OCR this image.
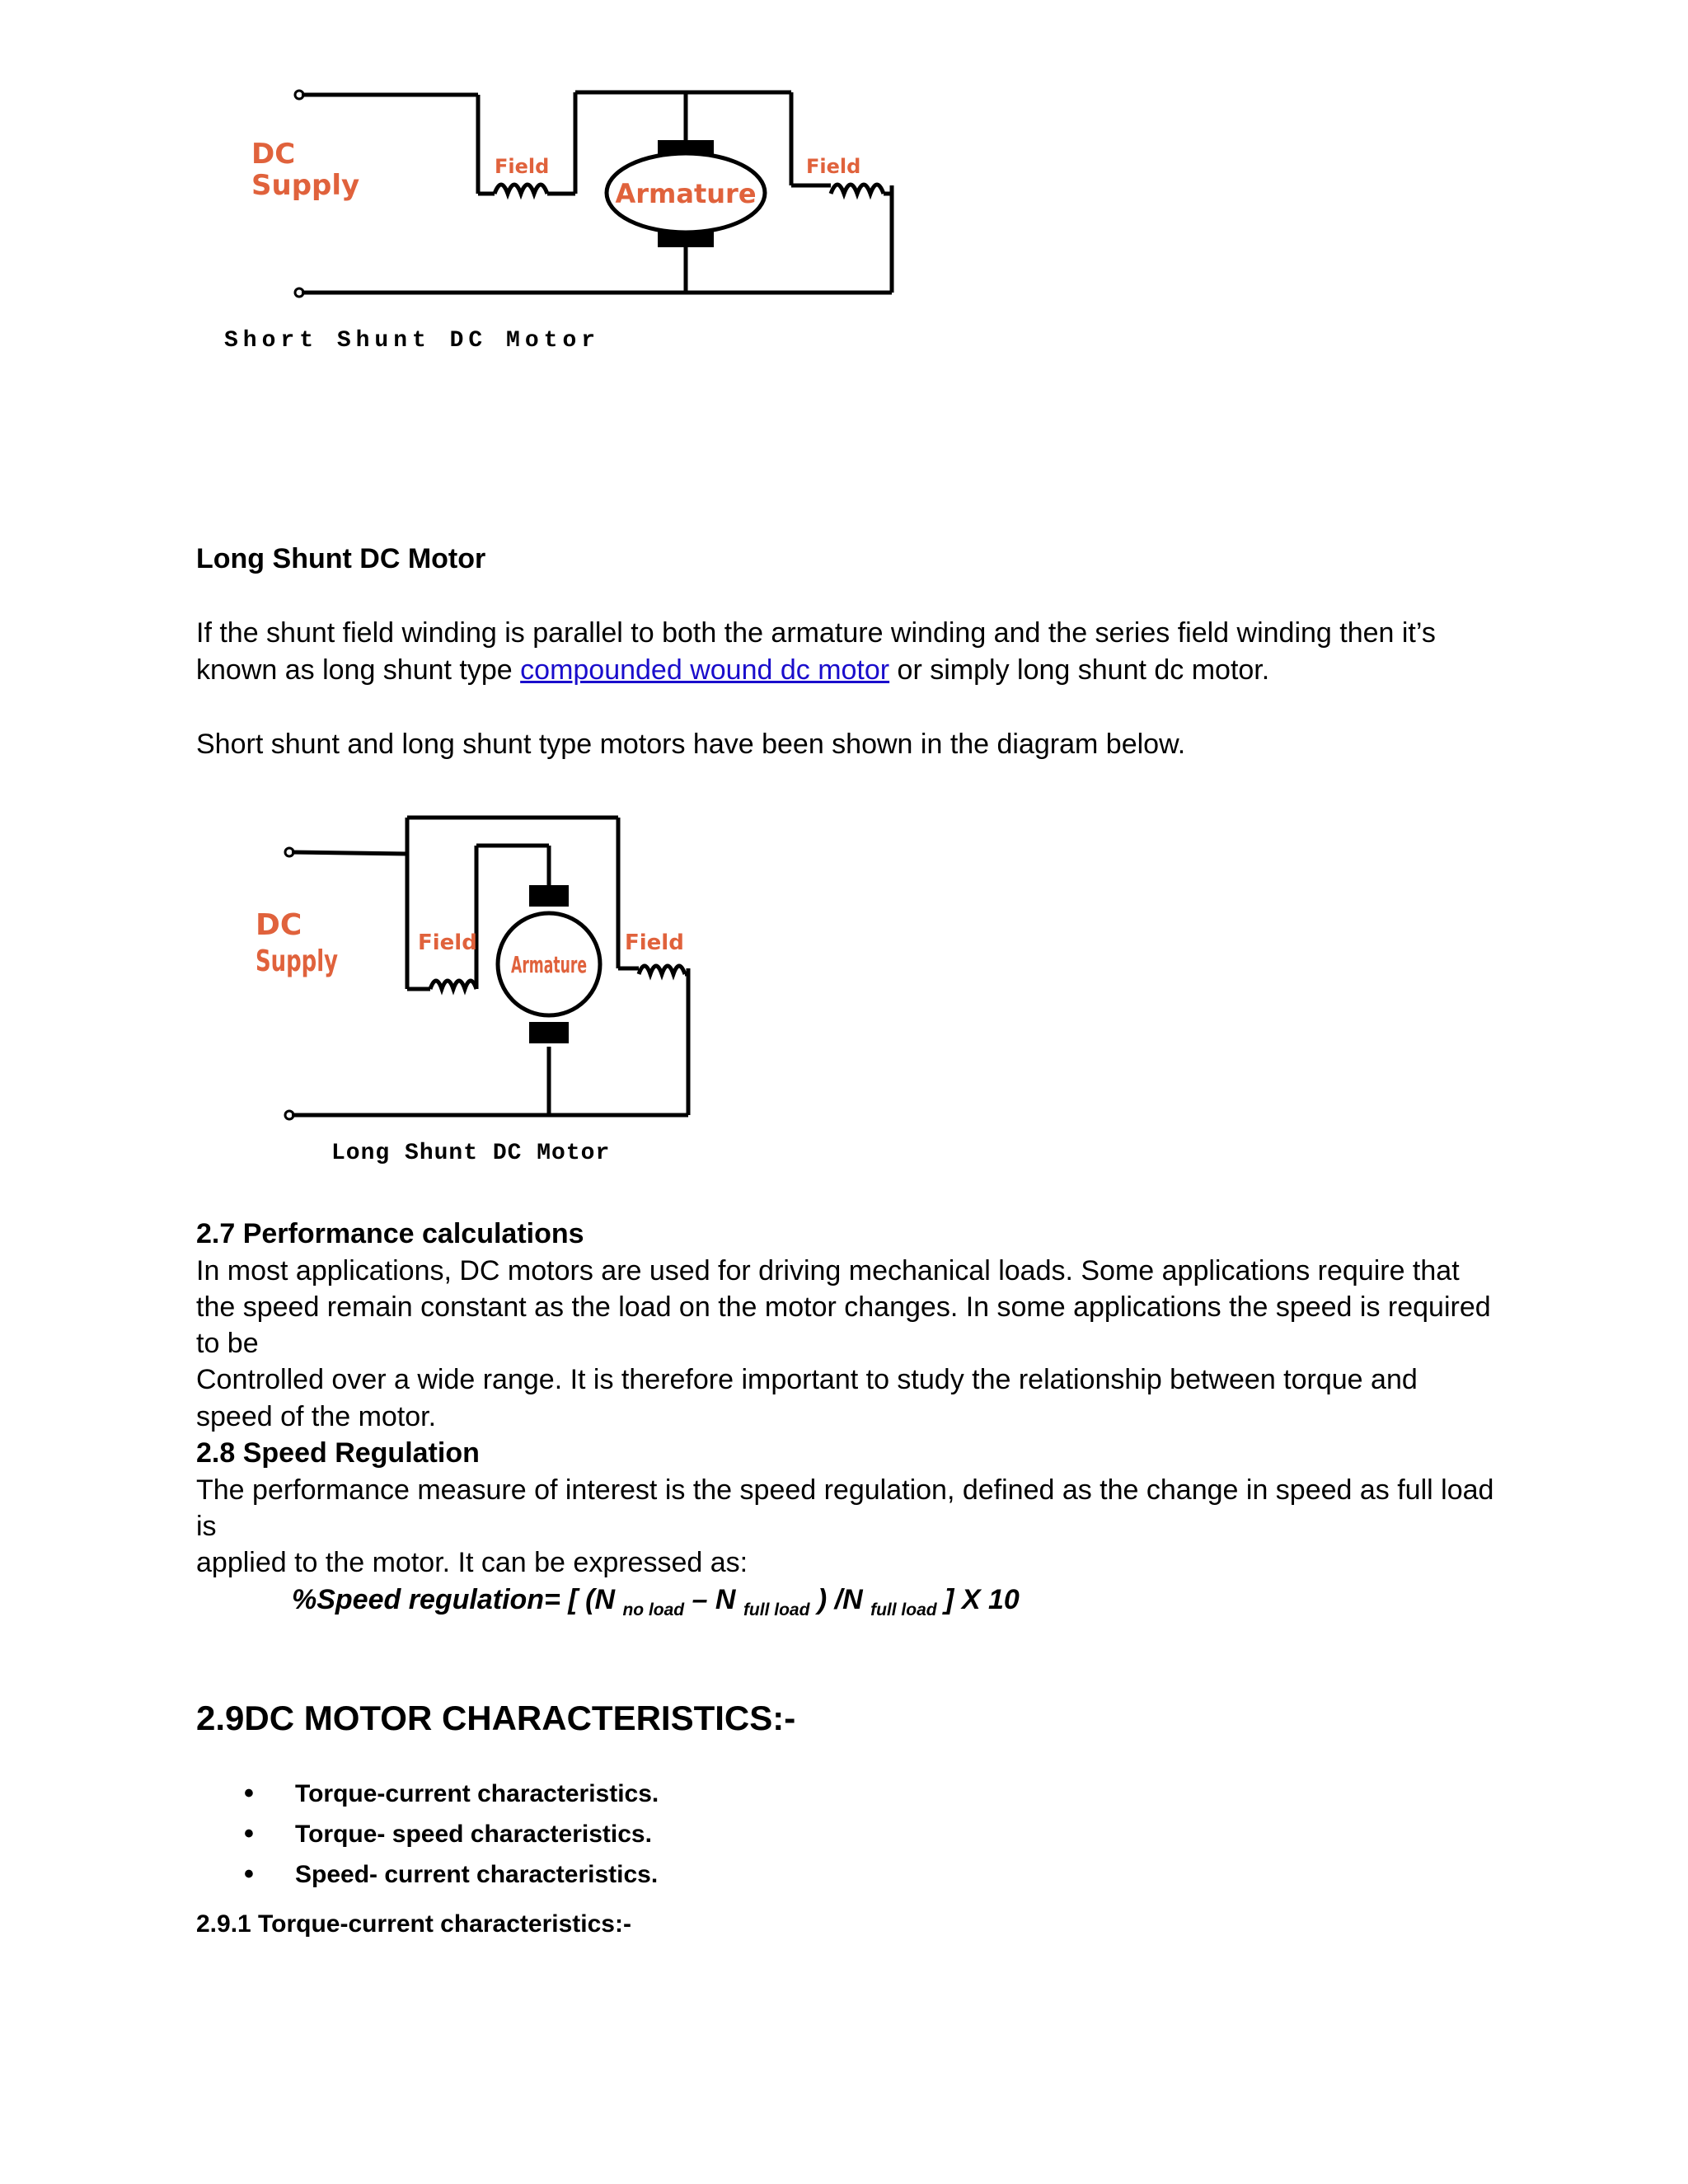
Armature
DC
Supply
Field	Field
Short Shunt DC Motor
Long Shunt DC Motor
If the shunt field winding is parallel to both the armature winding and the series field winding then it’s
known as long shunt type compounded wound dc motor or simply long shunt dc motor.
Short shunt and long shunt type motors have been shown in the diagram below.
Armature
DC
Supply
Field	Field
Long Shunt DC Motor
2.7 Performance calculations
In most applications, DC motors are used for driving mechanical loads. Some applications require that
the speed remain constant as the load on the motor changes. In some applications the speed is required
to be
Controlled over a wide range. It is therefore important to study the relationship between torque and
speed of the motor.
2.8 Speed Regulation
The performance measure of interest is the speed regulation, defined as the change in speed as full load
is
applied to the motor. It can be expressed as:
%Speed regulation= [ (N $_{no load}$ – N $_{full load}$ ) /N $_{full load}$ ] X 10
2.9DC MOTOR CHARACTERISTICS:-
• Torque-current characteristics.
• Torque- speed characteristics.
• Speed- current characteristics.
2.9.1 Torque-current characteristics:-
